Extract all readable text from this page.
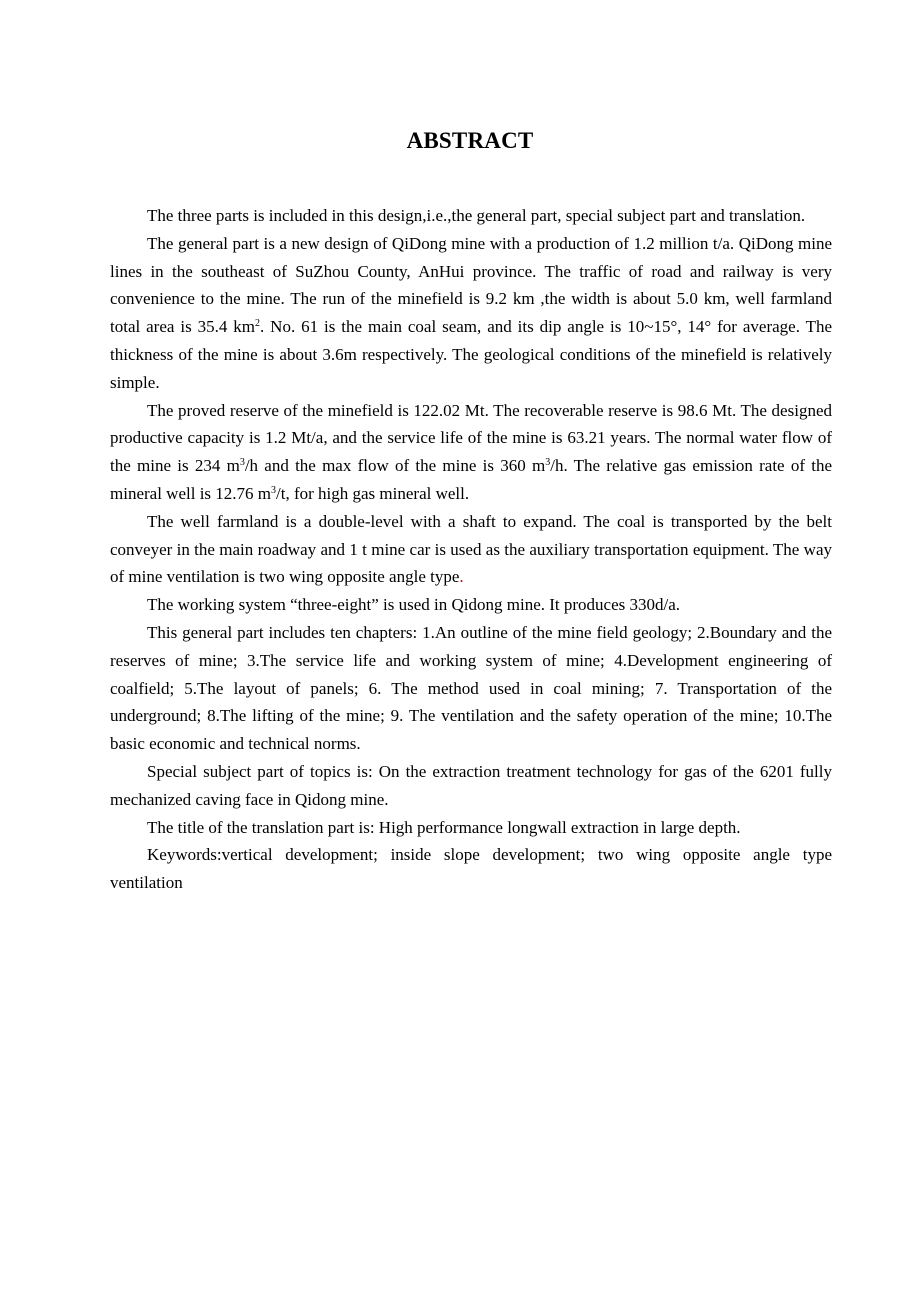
ABSTRACT

The three parts is included in this design,i.e.,the general part, special subject part and translation.

The general part is a new design of QiDong mine with a production of 1.2 million t/a. QiDong mine lines in the southeast of SuZhou County, AnHui province. The traffic of road and railway is very convenience to the mine. The run of the minefield is 9.2 km ,the width is about 5.0 km, well farmland total area is 35.4 $km^2$. No. 61 is the main coal seam, and its dip angle is 10~15°, 14° for average. The thickness of the mine is about 3.6m respectively. The geological conditions of the minefield is relatively simple.

The proved reserve of the minefield is 122.02 Mt. The recoverable reserve is 98.6 Mt. The designed productive capacity is 1.2 Mt/a, and the service life of the mine is 63.21 years. The normal water flow of the mine is 234 $m^3/h$ and the max flow of the mine is 360 $m^3/h$. The relative gas emission rate of the mineral well is 12.76 $m^3/t$, for high gas mineral well.

The well farmland is a double-level with a shaft to expand. The coal is transported by the belt conveyer in the main roadway and 1 t mine car is used as the auxiliary transportation equipment. The way of mine ventilation is two wing opposite angle type.

The working system “three-eight” is used in Qidong mine. It produces 330d/a.

This general part includes ten chapters: 1.An outline of the mine field geology; 2.Boundary and the reserves of mine; 3.The service life and working system of mine; 4.Development engineering of coalfield; 5.The layout of panels; 6. The method used in coal mining; 7. Transportation of the underground; 8.The lifting of the mine; 9. The ventilation and the safety operation of the mine; 10.The basic economic and technical norms.

Special subject part of topics is: On the extraction treatment technology for gas of the 6201 fully mechanized caving face in Qidong mine.

The title of the translation part is: High performance longwall extraction in large depth.

Keywords:vertical development; inside slope development; two wing opposite angle type ventilation
